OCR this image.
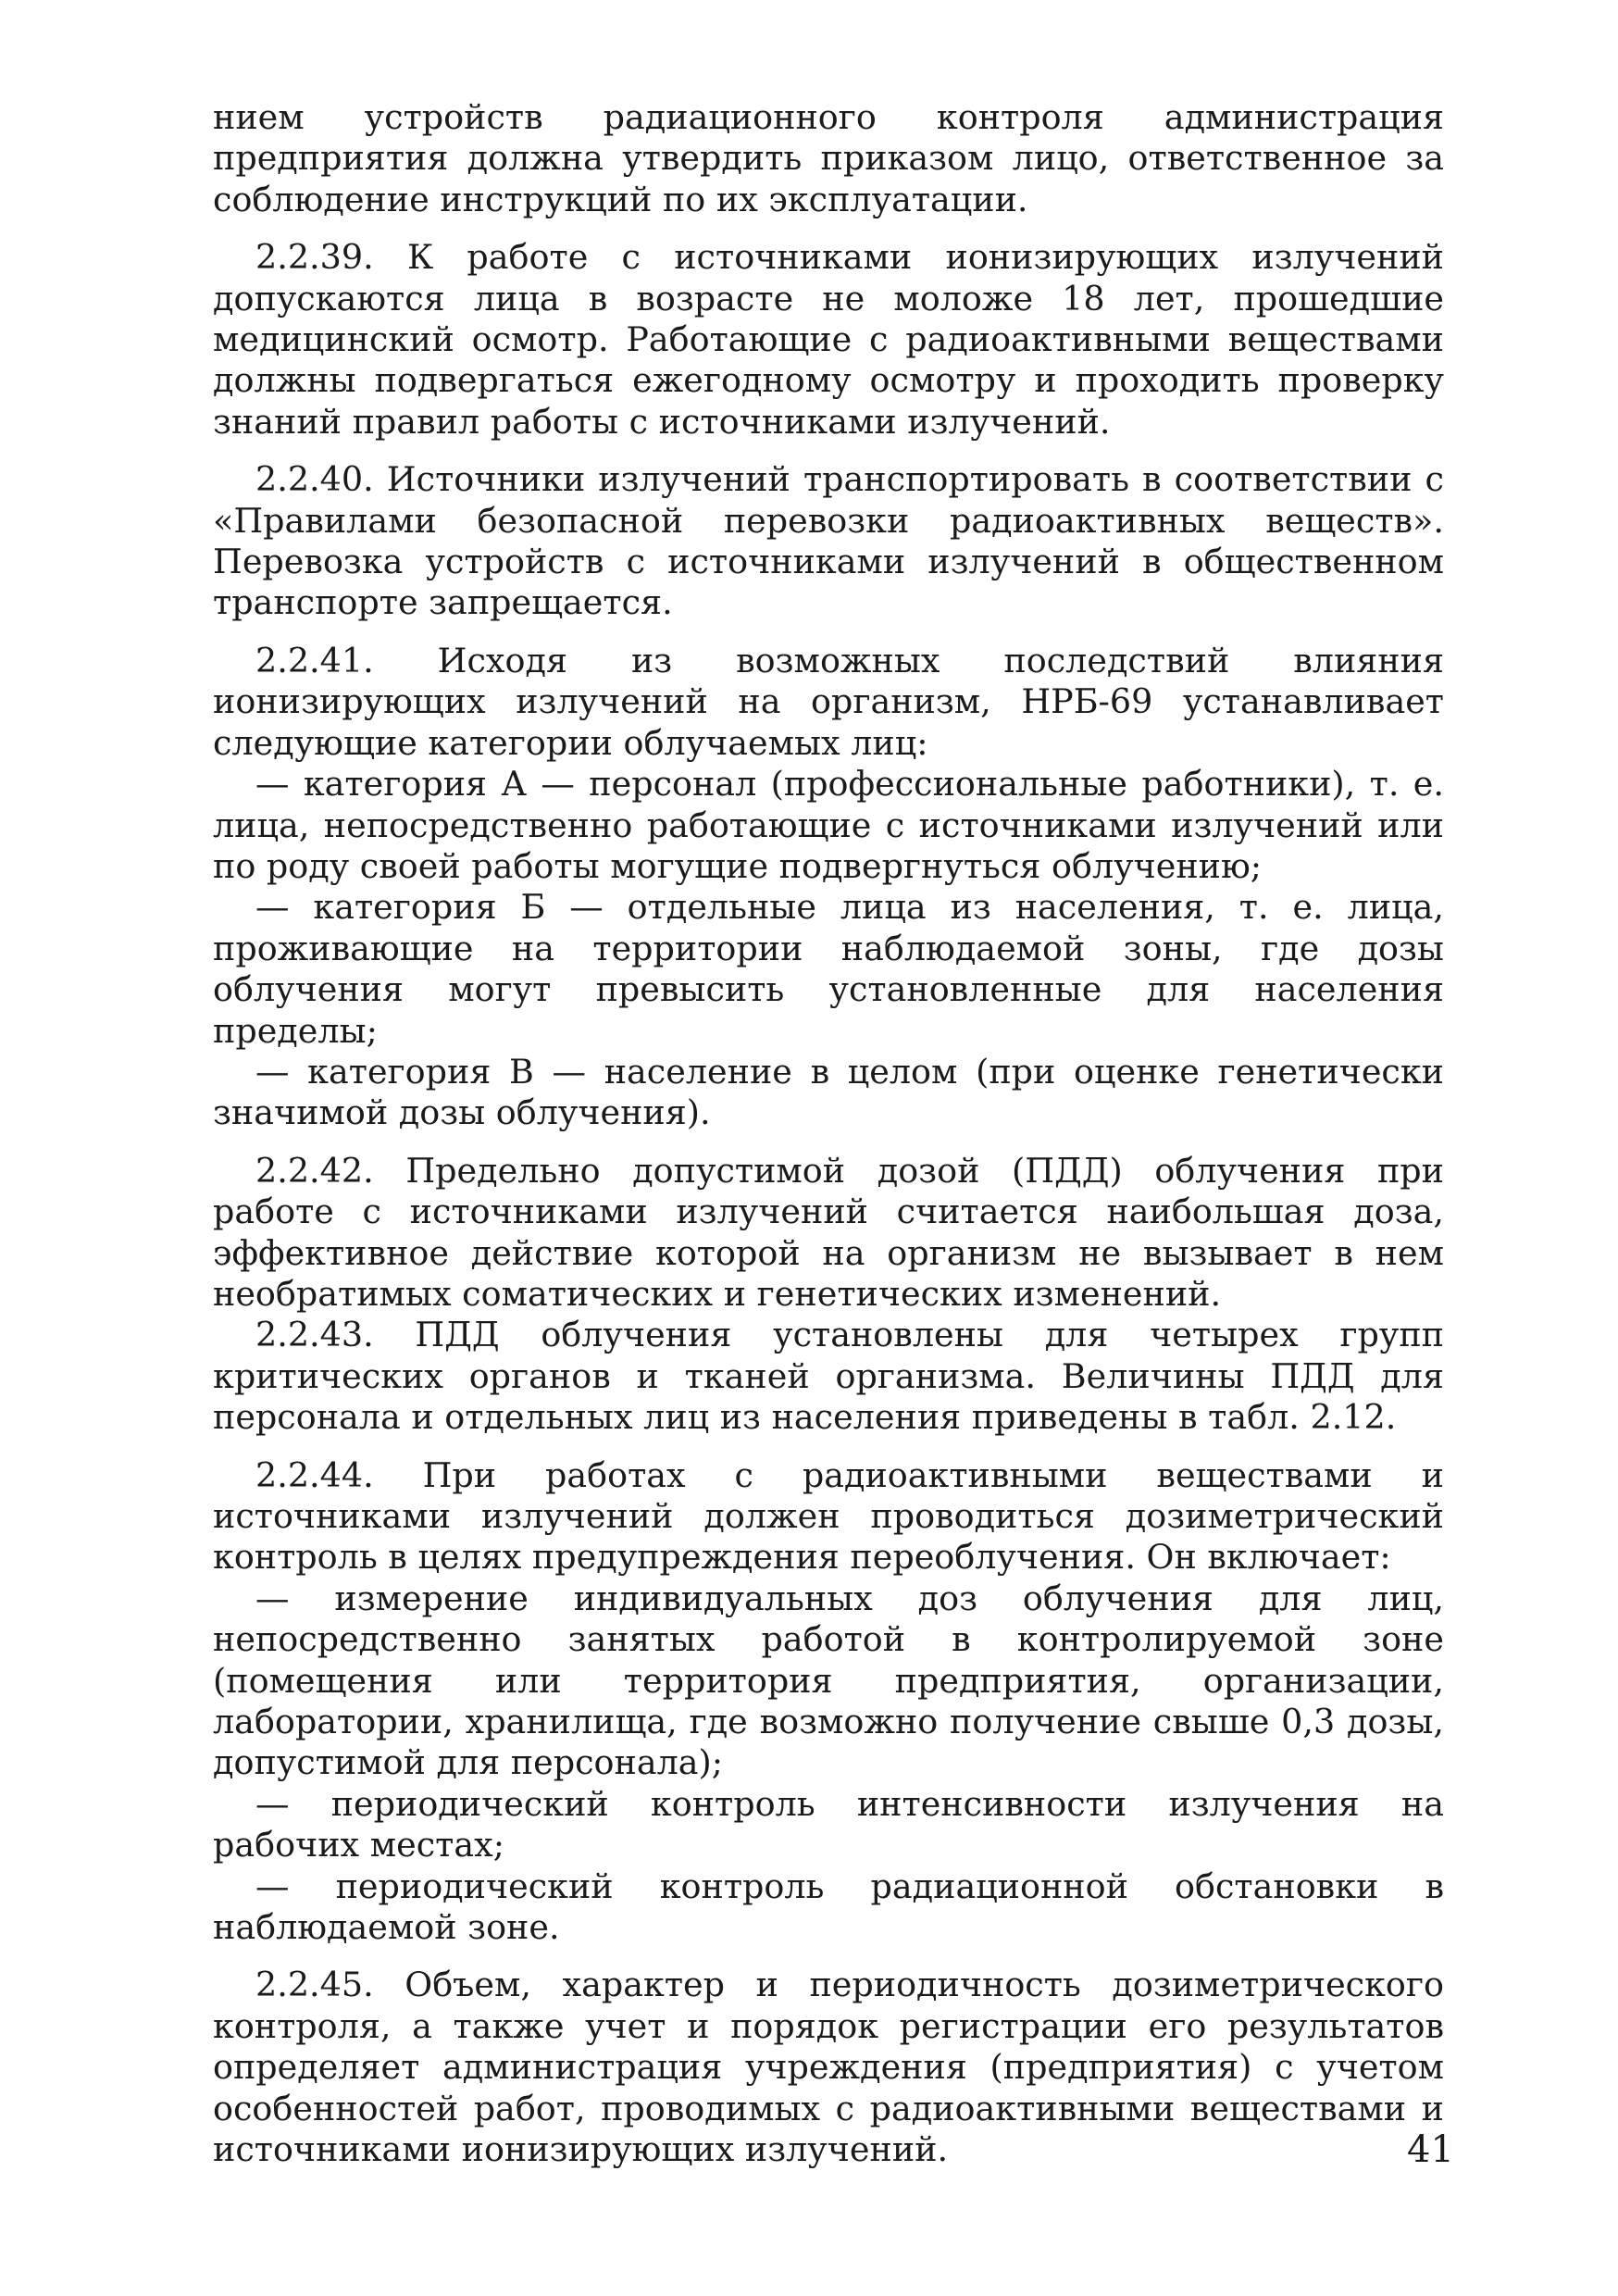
нием устройств радиационного контроля администрация предприятия должна утвердить приказом лицо, ответственное за соблюдение инструкций по их эксплуатации.

2.2.39. К работе с источниками ионизирующих излучений допускаются лица в возрасте не моложе 18 лет, прошедшие медицинский осмотр. Работающие с радиоактивными веществами должны подвергаться ежегодному осмотру и проходить проверку знаний правил работы с источниками излучений.

2.2.40. Источники излучений транспортировать в соответствии с «Правилами безопасной перевозки радиоактивных веществ». Перевозка устройств с источниками излучений в общественном транспорте запрещается.

2.2.41. Исходя из возможных последствий влияния ионизирующих излучений на организм, НРБ-69 устанавливает следующие категории облучаемых лиц:

— категория А — персонал (профессиональные работники), т. е. лица, непосредственно работающие с источниками излучений или по роду своей работы могущие подвергнуться облучению;

— категория Б — отдельные лица из населения, т. е. лица, проживающие на территории наблюдаемой зоны, где дозы облучения могут превысить установленные для населения пределы;

— категория В — население в целом (при оценке генетически значимой дозы облучения).

2.2.42. Предельно допустимой дозой (ПДД) облучения при работе с источниками излучений считается наибольшая доза, эффективное действие которой на организм не вызывает в нем необратимых соматических и генетических изменений.

2.2.43. ПДД облучения установлены для четырех групп критических органов и тканей организма. Величины ПДД для персонала и отдельных лиц из населения приведены в табл. 2.12.

2.2.44. При работах с радиоактивными веществами и источниками излучений должен проводиться дозиметрический контроль в целях предупреждения переоблучения. Он включает:

— измерение индивидуальных доз облучения для лиц, непосредственно занятых работой в контролируемой зоне (помещения или территория предприятия, организации, лаборатории, хранилища, где возможно получение свыше 0,3 дозы, допустимой для персонала);

— периодический контроль интенсивности излучения на рабочих местах;

— периодический контроль радиационной обстановки в наблюдаемой зоне.

2.2.45. Объем, характер и периодичность дозиметрического контроля, а также учет и порядок регистрации его результатов определяет администрация учреждения (предприятия) с учетом особенностей работ, проводимых с радиоактивными веществами и источниками ионизирующих излучений.	41
